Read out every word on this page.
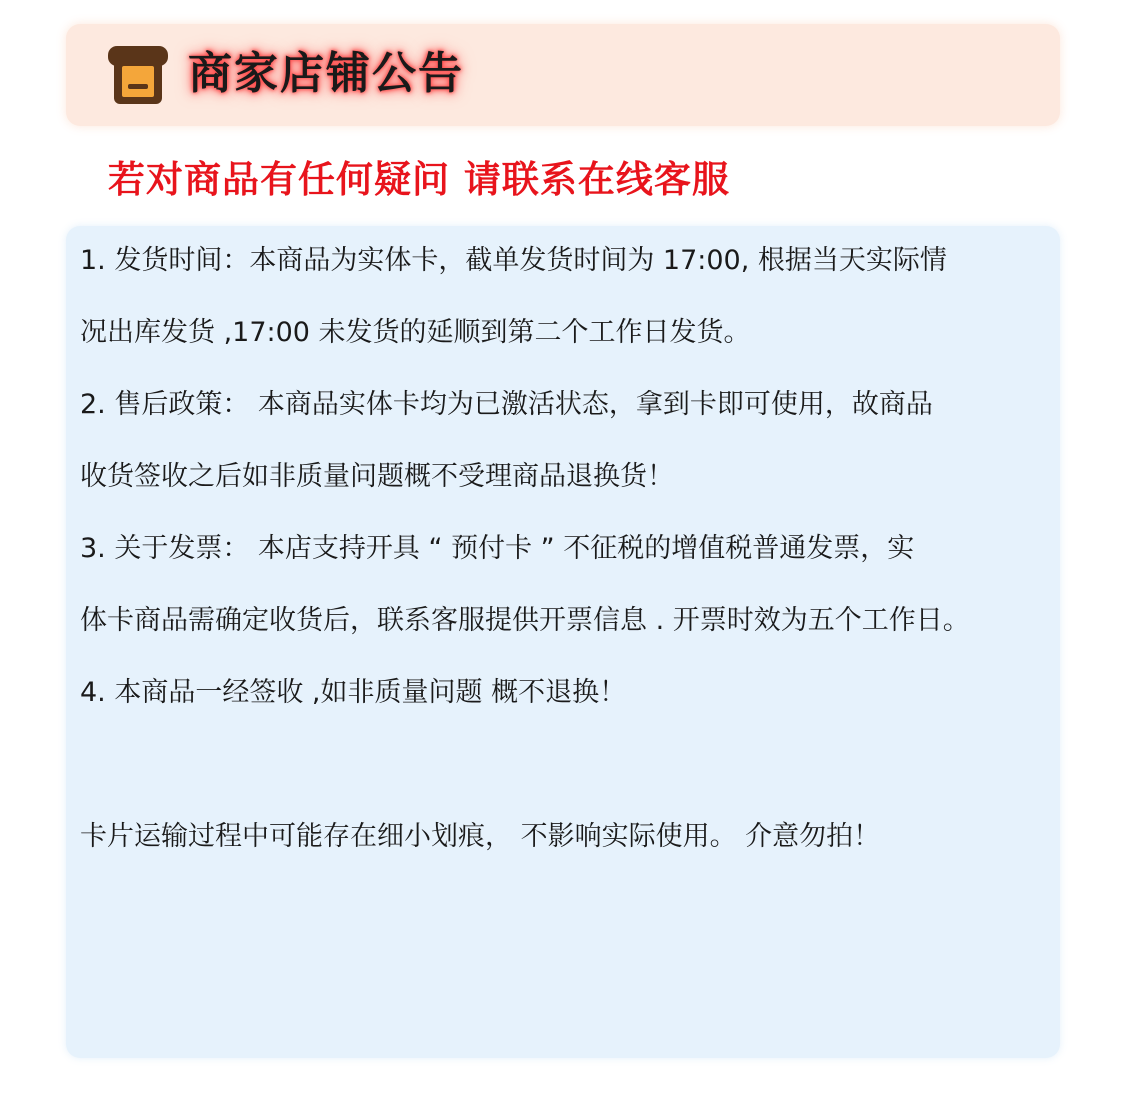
商家店铺公告
若对商品有任何疑问 请联系在线客服
1. 发货时间：本商品为实体卡，截单发货时间为 17:00, 根据当天实际情
况出库发货 ,17:00 未发货的延顺到第二个工作日发货。
2. 售后政策： 本商品实体卡均为已激活状态，拿到卡即可使用，故商品
收货签收之后如非质量问题概不受理商品退换货！
3. 关于发票： 本店支持开具 “ 预付卡 ” 不征税的增值税普通发票，实
体卡商品需确定收货后，联系客服提供开票信息 . 开票时效为五个工作日。
4. 本商品一经签收 ,如非质量问题 概不退换！
卡片运输过程中可能存在细小划痕， 不影响实际使用。 介意勿拍！
